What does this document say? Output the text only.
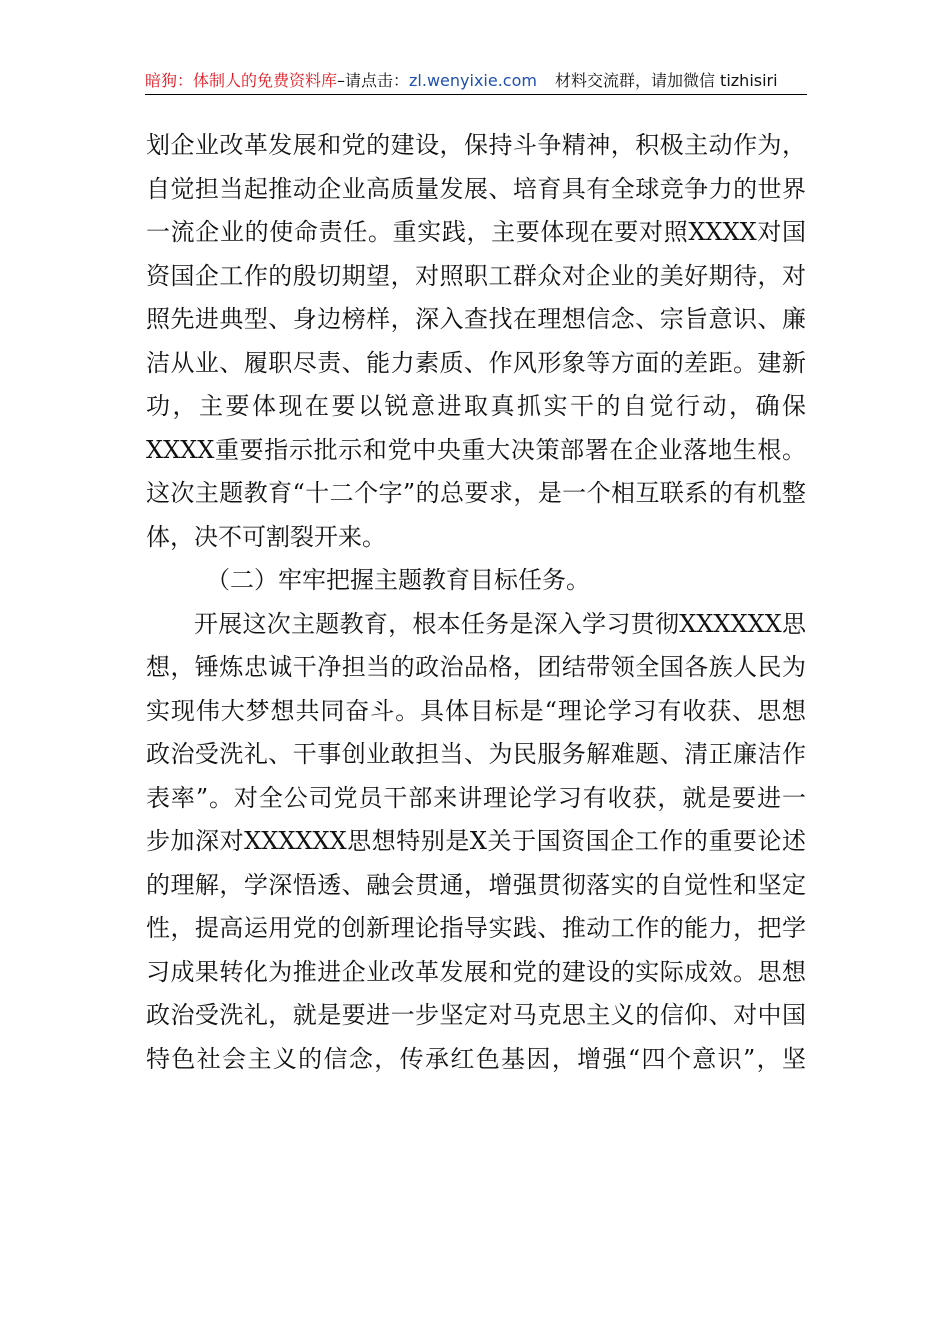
暗狗：体制人的免费资料库–请点击：zl.wenyixie.com 材料交流群，请加微信 tizhisiri

划企业改革发展和党的建设，保持斗争精神，积极主动作为，自觉担当起推动企业高质量发展、培育具有全球竞争力的世界一流企业的使命责任。重实践，主要体现在要对照XXXX对国资国企工作的殷切期望，对照职工群众对企业的美好期待，对照先进典型、身边榜样，深入查找在理想信念、宗旨意识、廉洁从业、履职尽责、能力素质、作风形象等方面的差距。建新功，主要体现在要以锐意进取真抓实干的自觉行动，确保XXXX重要指示批示和党中央重大决策部署在企业落地生根。这次主题教育“十二个字”的总要求，是一个相互联系的有机整体，决不可割裂开来。

（二）牢牢把握主题教育目标任务。

开展这次主题教育，根本任务是深入学习贯彻XXXXXX思想，锤炼忠诚干净担当的政治品格，团结带领全国各族人民为实现伟大梦想共同奋斗。具体目标是“理论学习有收获、思想政治受洗礼、干事创业敢担当、为民服务解难题、清正廉洁作表率”。对全公司党员干部来讲理论学习有收获，就是要进一步加深对XXXXXX思想特别是X关于国资国企工作的重要论述的理解，学深悟透、融会贯通，增强贯彻落实的自觉性和坚定性，提高运用党的创新理论指导实践、推动工作的能力，把学习成果转化为推进企业改革发展和党的建设的实际成效。思想政治受洗礼，就是要进一步坚定对马克思主义的信仰、对中国特色社会主义的信念，传承红色基因，增强“四个意识”，坚
